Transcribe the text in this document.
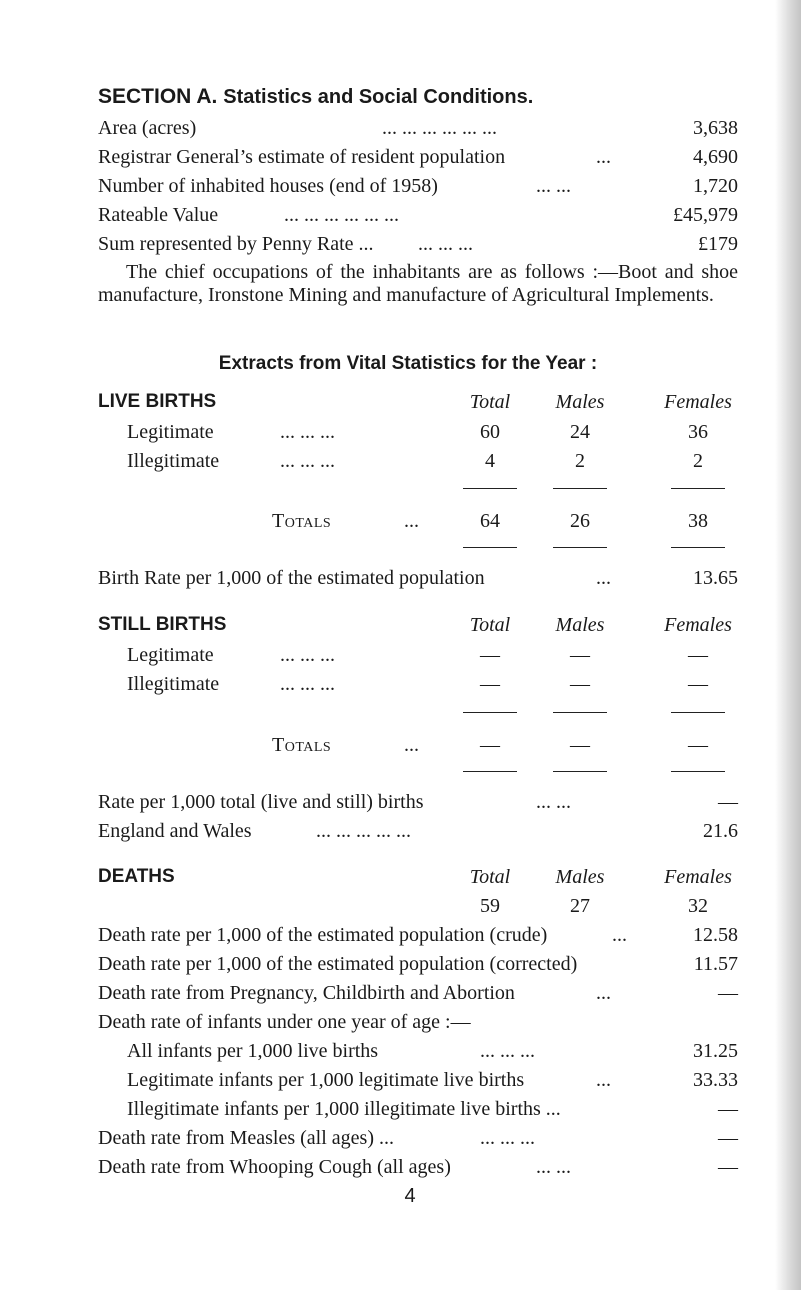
SECTION A. Statistics and Social Conditions.
Area (acres)	... ... ... ... ... ...	3,638
Registrar General’s estimate of resident population	...	4,690
Number of inhabited houses (end of 1958)	... ...	1,720
Rateable Value	... ... ... ... ... ...	£45,979
Sum represented by Penny Rate ... ... ... ...	£179
The chief occupations of the inhabitants are as follows :—Boot and shoe manufacture, Ironstone Mining and manufacture of Agricultural Implements.
Extracts from Vital Statistics for the Year :
LIVE BIRTHS	Total	Males	Females
Legitimate	... ... ...	60	24	36
Illegitimate	... ... ...	4	2	2
Totals	...	64	26	38
Birth Rate per 1,000 of the estimated population	...	13.65
STILL BIRTHS	Total	Males	Females
Legitimate	... ... ...	—	—	—
Illegitimate	... ... ...	—	—	—
Totals	...	—	—	—
Rate per 1,000 total (live and still) births	... ...	—
England and Wales	... ... ... ... ...	21.6
DEATHS	Total	Males	Females
59	27	32
Death rate per 1,000 of the estimated population (crude)	...	12.58
Death rate per 1,000 of the estimated population (corrected)	11.57
Death rate from Pregnancy, Childbirth and Abortion	...	—
Death rate of infants under one year of age :—
All infants per 1,000 live births	... ... ...	31.25
Legitimate infants per 1,000 legitimate live births	...	33.33
Illegitimate infants per 1,000 illegitimate live births ...	—
Death rate from Measles (all ages) ...	... ... ...	—
Death rate from Whooping Cough (all ages)	... ...	—
4
